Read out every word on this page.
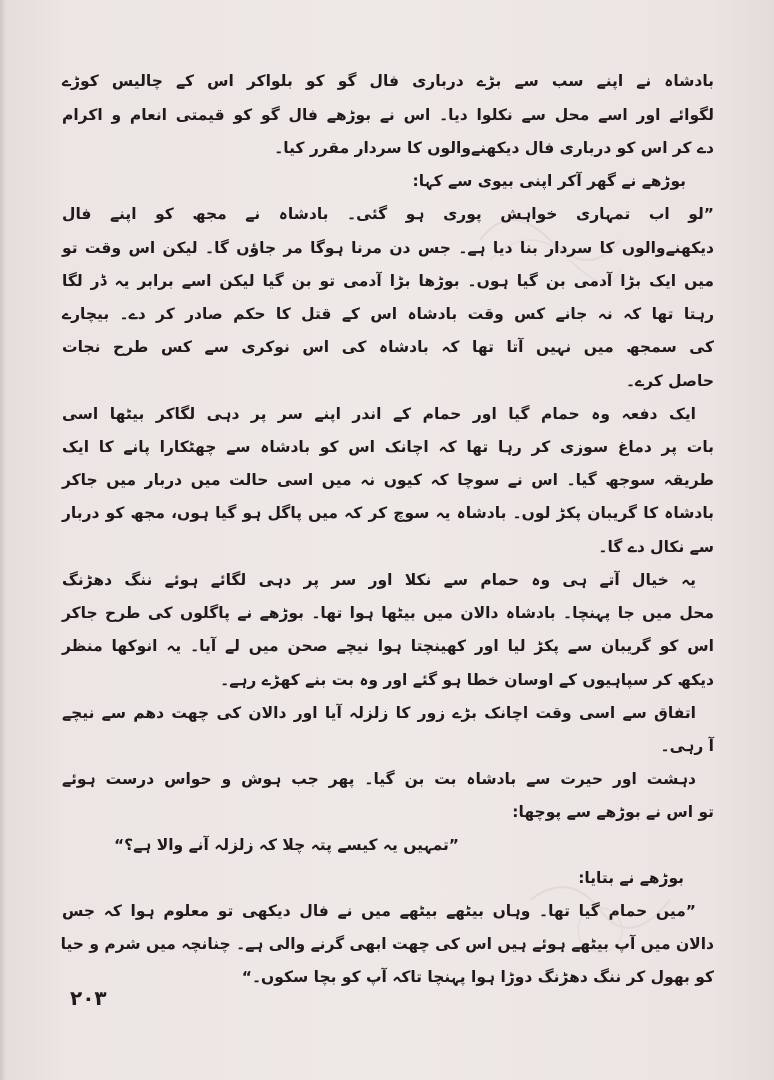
بادشاہ نے اپنے سب سے بڑے درباری فال گو کو بلواکر اس کے چالیس کوڑے
لگوائے اور اسے محل سے نکلوا دیا۔ اس نے بوڑھے فال گو کو قیمتی انعام و اکرام
دے کر اس کو درباری فال دیکھنےوالوں کا سردار مقرر کیا۔
بوڑھے نے گھر آکر اپنی بیوی سے کہا:
”لو اب تمہاری خواہش پوری ہو گئی۔ بادشاہ نے مجھ کو اپنے فال
دیکھنےوالوں کا سردار بنا دیا ہے۔ جس دن مرنا ہوگا مر جاؤں گا۔ لیکن اس وقت تو
میں ایک بڑا آدمی بن گیا ہوں۔ بوڑھا بڑا آدمی تو بن گیا لیکن اسے برابر یہ ڈر لگا
رہتا تھا کہ نہ جانے کس وقت بادشاہ اس کے قتل کا حکم صادر کر دے۔ بیچارے
کی سمجھ میں نہیں آتا تھا کہ بادشاہ کی اس نوکری سے کس طرح نجات
حاصل کرے۔
ایک دفعہ وہ حمام گیا اور حمام کے اندر اپنے سر پر دہی لگاکر بیٹھا اسی
بات پر دماغ سوزی کر رہا تھا کہ اچانک اس کو بادشاہ سے چھٹکارا پانے کا ایک
طریقہ سوجھ گیا۔ اس نے سوچا کہ کیوں نہ میں اسی حالت میں دربار میں جاکر
بادشاہ کا گریبان پکڑ لوں۔ بادشاہ یہ سوچ کر کہ میں پاگل ہو گیا ہوں، مجھ کو دربار
سے نکال دے گا۔
یہ خیال آتے ہی وہ حمام سے نکلا اور سر پر دہی لگائے ہوئے ننگ دھڑنگ
محل میں جا پہنچا۔ بادشاہ دالان میں بیٹھا ہوا تھا۔ بوڑھے نے پاگلوں کی طرح جاکر
اس کو گریبان سے پکڑ لیا اور کھینچتا ہوا نیچے صحن میں لے آیا۔ یہ انوکھا منظر
دیکھ کر سپاہیوں کے اوسان خطا ہو گئے اور وہ بت بنے کھڑے رہے۔
اتفاق سے اسی وقت اچانک بڑے زور کا زلزلہ آیا اور دالان کی چھت دھم سے نیچے
آ رہی۔
دہشت اور حیرت سے بادشاہ بت بن گیا۔ پھر جب ہوش و حواس درست ہوئے
تو اس نے بوڑھے سے پوچھا:
”تمہیں یہ کیسے پتہ چلا کہ زلزلہ آنے والا ہے؟“
بوڑھے نے بتایا:
”میں حمام گیا تھا۔ وہاں بیٹھے بیٹھے میں نے فال دیکھی تو معلوم ہوا کہ جس
دالان میں آپ بیٹھے ہوئے ہیں اس کی چھت ابھی گرنے والی ہے۔ چنانچہ میں شرم و حیا
کو بھول کر ننگ دھڑنگ دوڑا ہوا پہنچا تاکہ آپ کو بچا سکوں۔“
۲۰۳
